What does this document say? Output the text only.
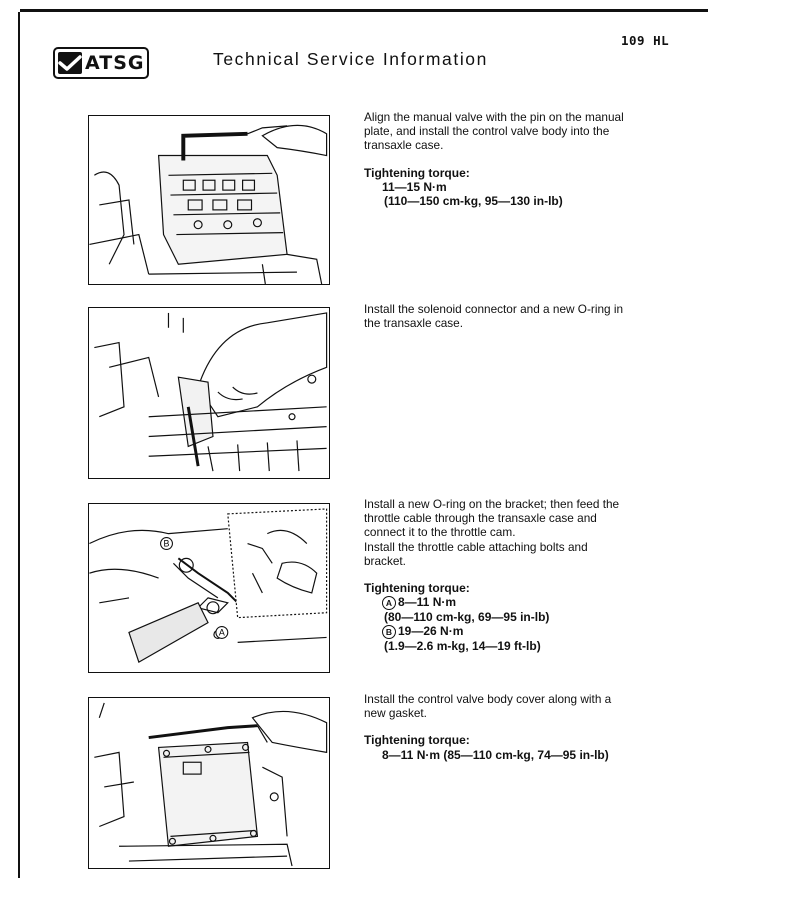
109 HL
ATSG	Technical Service Information

Align the manual valve with the pin on the manual plate, and install the control valve body into the transaxle case.

Tightening torque:

11—15 N·m

(110—150 cm-kg, 95—130 in-lb)

Install the solenoid connector and a new O-ring in the transaxle case.

B
A

Install a new O-ring on the bracket; then feed the throttle cable through the transaxle case and connect it to the throttle cam.

Install the throttle cable attaching bolts and bracket.

Tightening torque:

A 8—11 N·m

(80—110 cm-kg, 69—95 in-lb)

B 19—26 N·m

(1.9—2.6 m-kg, 14—19 ft-lb)

Install the control valve body cover along with a new gasket.

Tightening torque:

8—11 N·m (85—110 cm-kg, 74—95 in-lb)
